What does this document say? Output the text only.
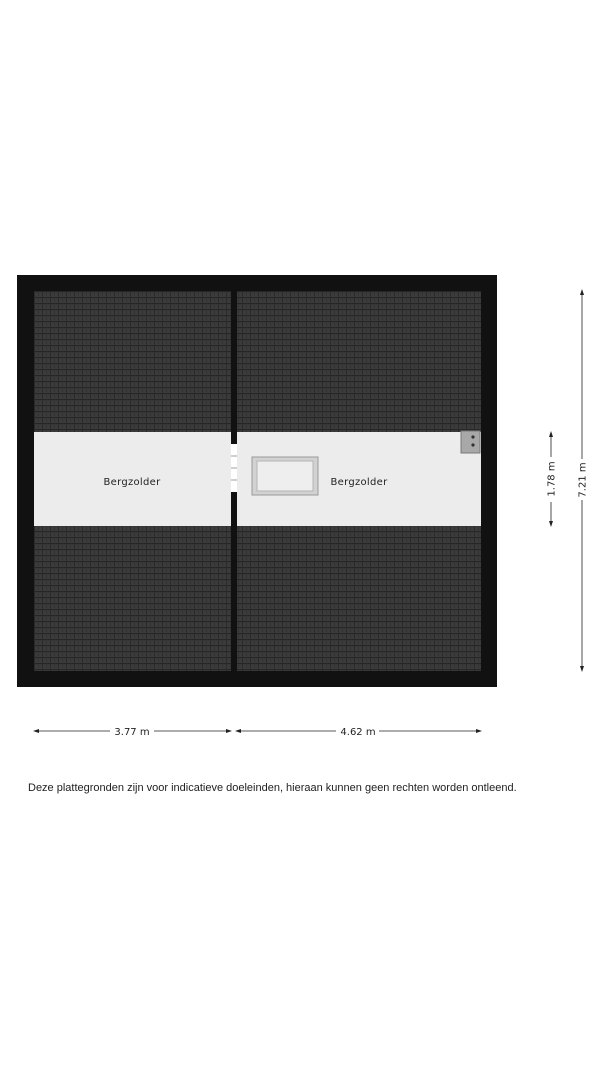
Bergzolder	Bergzolder
3.77 m	4.62 m
1.78 m 7.21 m
Deze plattegronden zijn voor indicatieve doeleinden, hieraan kunnen geen rechten worden ontleend.
